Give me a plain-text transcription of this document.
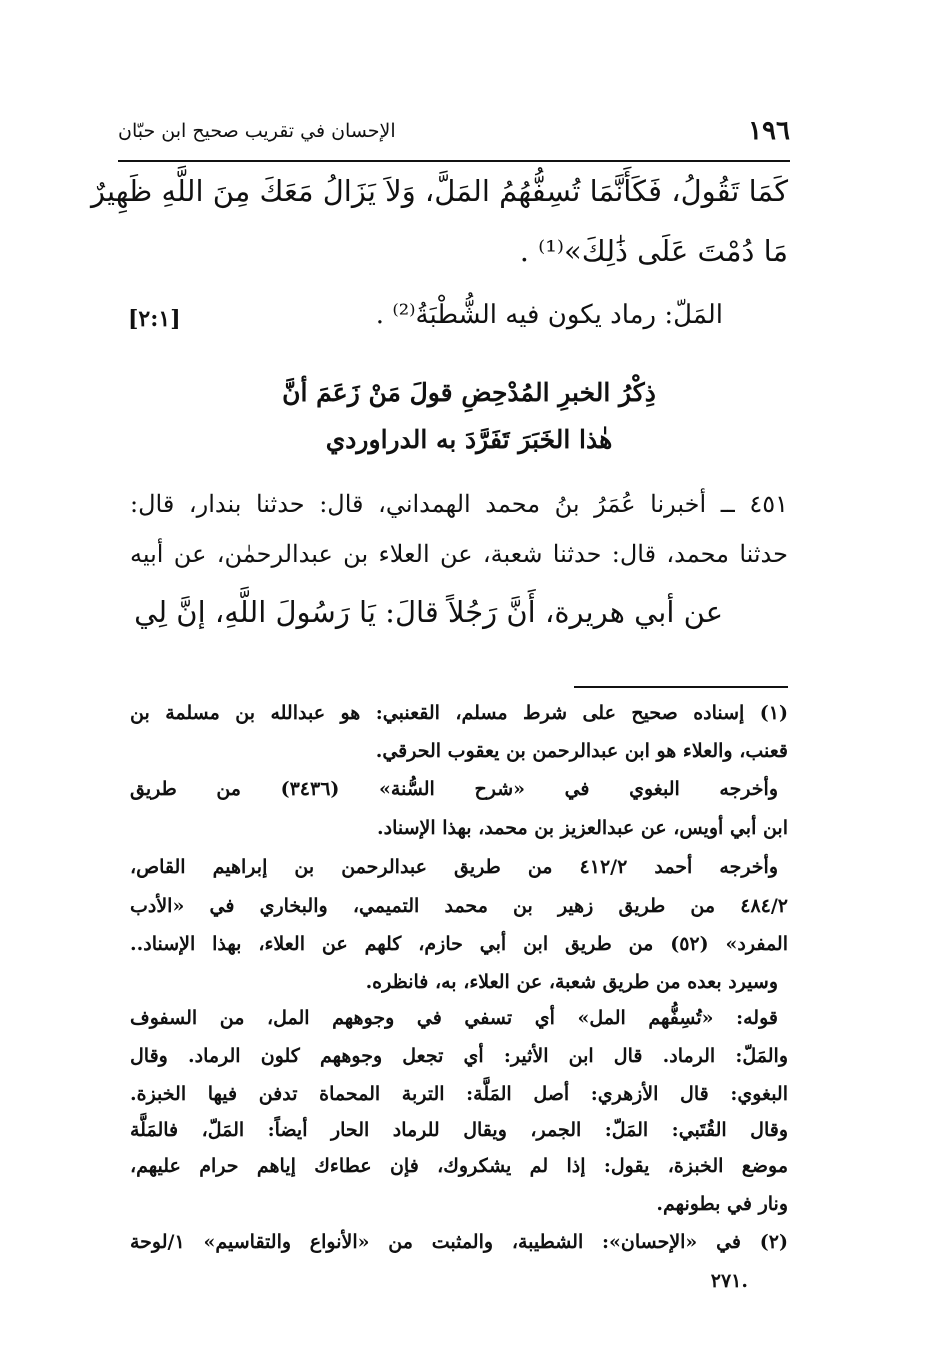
١٩٦
الإحسان في تقريب صحيح ابن حبّان
كَمَا تَقُولُ، فَكَأَنَّمَا تُسِفُّهُمُ المَلَّ، وَلاَ يَزَالُ مَعَكَ مِنَ اللَّهِ ظَهِيرٌ
مَا دُمْتَ عَلَى ذَٰلِكَ»⁽¹⁾ .
المَلّ: رماد يكون فيه الشُّطْبَةُ⁽²⁾ .
[٢:١]
ذِكْرُ الخبرِ المُدْحِضِ قولَ مَنْ زَعَمَ أنَّ
هٰذا الخَبَرَ تَفَرَّدَ به الدراوردي
٤٥١ ــ أخبرنا عُمَرُ بنُ محمد الهمداني، قال: حدثنا بندار، قال:
حدثنا محمد، قال: حدثنا شعبة، عن العلاء بن عبدالرحمٰن، عن أبيه
عن أبي هريرة، أَنَّ رَجُلاً قالَ: يَا رَسُولَ اللَّهِ، إنَّ لِي
(١) إسناده صحيح على شرط مسلم، القعنبي: هو عبدالله بن مسلمة بن
قعنب، والعلاء هو ابن عبدالرحمن بن يعقوب الحرقي.
وأخرجه البغوي في «شرح السُّنة» (٣٤٣٦) من طريق
ابن أبي أويس، عن عبدالعزيز بن محمد، بهذا الإسناد.
وأخرجه أحمد ٤١٢/٢ من طريق عبدالرحمن بن إبراهيم القاص،
٤٨٤/٢ من طريق زهير بن محمد التميمي، والبخاري في «الأدب
المفرد» (٥٢) من طريق ابن أبي حازم، كلهم عن العلاء، بهذا الإسناد..
وسيرد بعده من طريق شعبة، عن العلاء، به، فانظره.
قوله: «تُسِفُّهم المل» أي تسفي في وجوههم المل، من السفوف
والمَلّ: الرماد. قال ابن الأثير: أي تجعل وجوههم كلون الرماد. وقال
البغوي: قال الأزهري: أصل المَلَّة: التربة المحماة تدفن فيها الخبزة.
وقال القُتَبي: المَلّ: الجمر، ويقال للرماد الحار أيضاً: المَلّ، فالمَلَّة
موضع الخبزة، يقول: إذا لم يشكروك، فإن عطاءك إياهم حرام عليهم،
ونار في بطونهم.
(٢) في «الإحسان»: الشطيبة، والمثبت من «الأنواع والتقاسيم» ١/لوحة
.٢٧١
